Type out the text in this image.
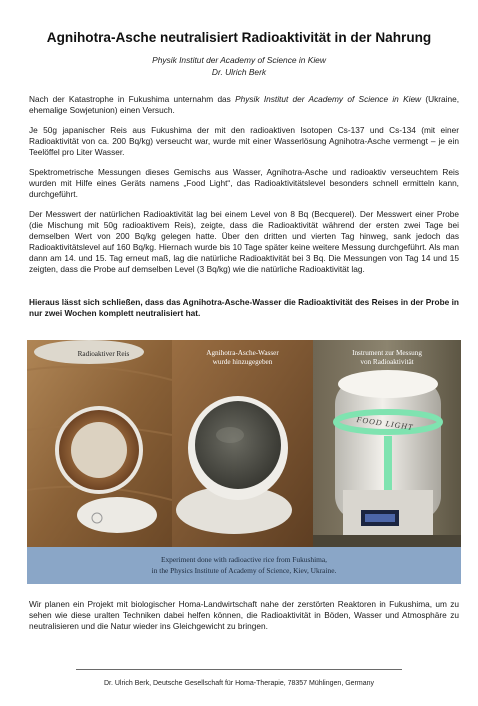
Agnihotra-Asche neutralisiert Radioaktivität in der Nahrung
Physik Institut der Academy of Science in Kiew
Dr. Ulrich Berk
Nach der Katastrophe in Fukushima unternahm das Physik Institut der Academy of Science in Kiew (Ukraine, ehemalige Sowjetunion) einen Versuch.
Je 50g japanischer Reis aus Fukushima der mit den radioaktiven Isotopen Cs-137 und Cs-134 (mit einer Radioaktivität von ca. 200 Bq/kg) verseucht war, wurde mit einer Wasserlösung Agnihotra-Asche vermengt – je ein Teelöffel pro Liter Wasser.
Spektrometrische Messungen dieses Gemischs aus Wasser, Agnihotra-Asche und radioaktiv verseuchtem Reis wurden mit Hilfe eines Geräts namens „Food Light“, das Radioaktivitätslevel besonders schnell ermitteln kann, durchgeführt.
Der Messwert der natürlichen Radioaktivität lag bei einem Level von 8 Bq (Becquerel). Der Messwert einer Probe (die Mischung mit 50g radioaktivem Reis), zeigte, dass die Radioaktivität während der ersten zwei Tage bei demselben Wert von 200 Bq/kg gelegen hatte. Über den dritten und vierten Tag hinweg, sank jedoch das Radioaktivitätslevel auf 160 Bq/kg. Hiernach wurde bis 10 Tage später keine weitere Messung durchgeführt. Als man dann am 14. und 15. Tag erneut maß, lag die natürliche Radioaktivität bei 3 Bq. Die Messungen von Tag 14 und 15 zeigten, dass die Probe auf demselben Level (3 Bq/kg) wie die natürliche Radioaktivität lag.
Hieraus lässt sich schließen, dass das Agnihotra-Asche-Wasser die Radioaktivität des Reises in der Probe in nur zwei Wochen komplett neutralisiert hat.
Radioaktiver Reis	Agnihotra-Asche-Wasser
wurde hinzugegeben
FOOD LIGHT
Instrument zur Messung
von Radioaktivität
Experiment done with radioactive rice from Fukushima,
in the Physics Institute of Academy of Science, Kiev, Ukraine.
Wir planen ein Projekt mit biologischer Homa-Landwirtschaft nahe der zerstörten Reaktoren in Fukushima, um zu sehen wie diese uralten Techniken dabei helfen können, die Radioaktivität in Böden, Wasser und Atmosphäre zu neutralisieren und die Natur wieder ins Gleichgewicht zu bringen.
Dr. Ulrich Berk, Deutsche Gesellschaft für Homa-Therapie, 78357 Mühlingen, Germany
